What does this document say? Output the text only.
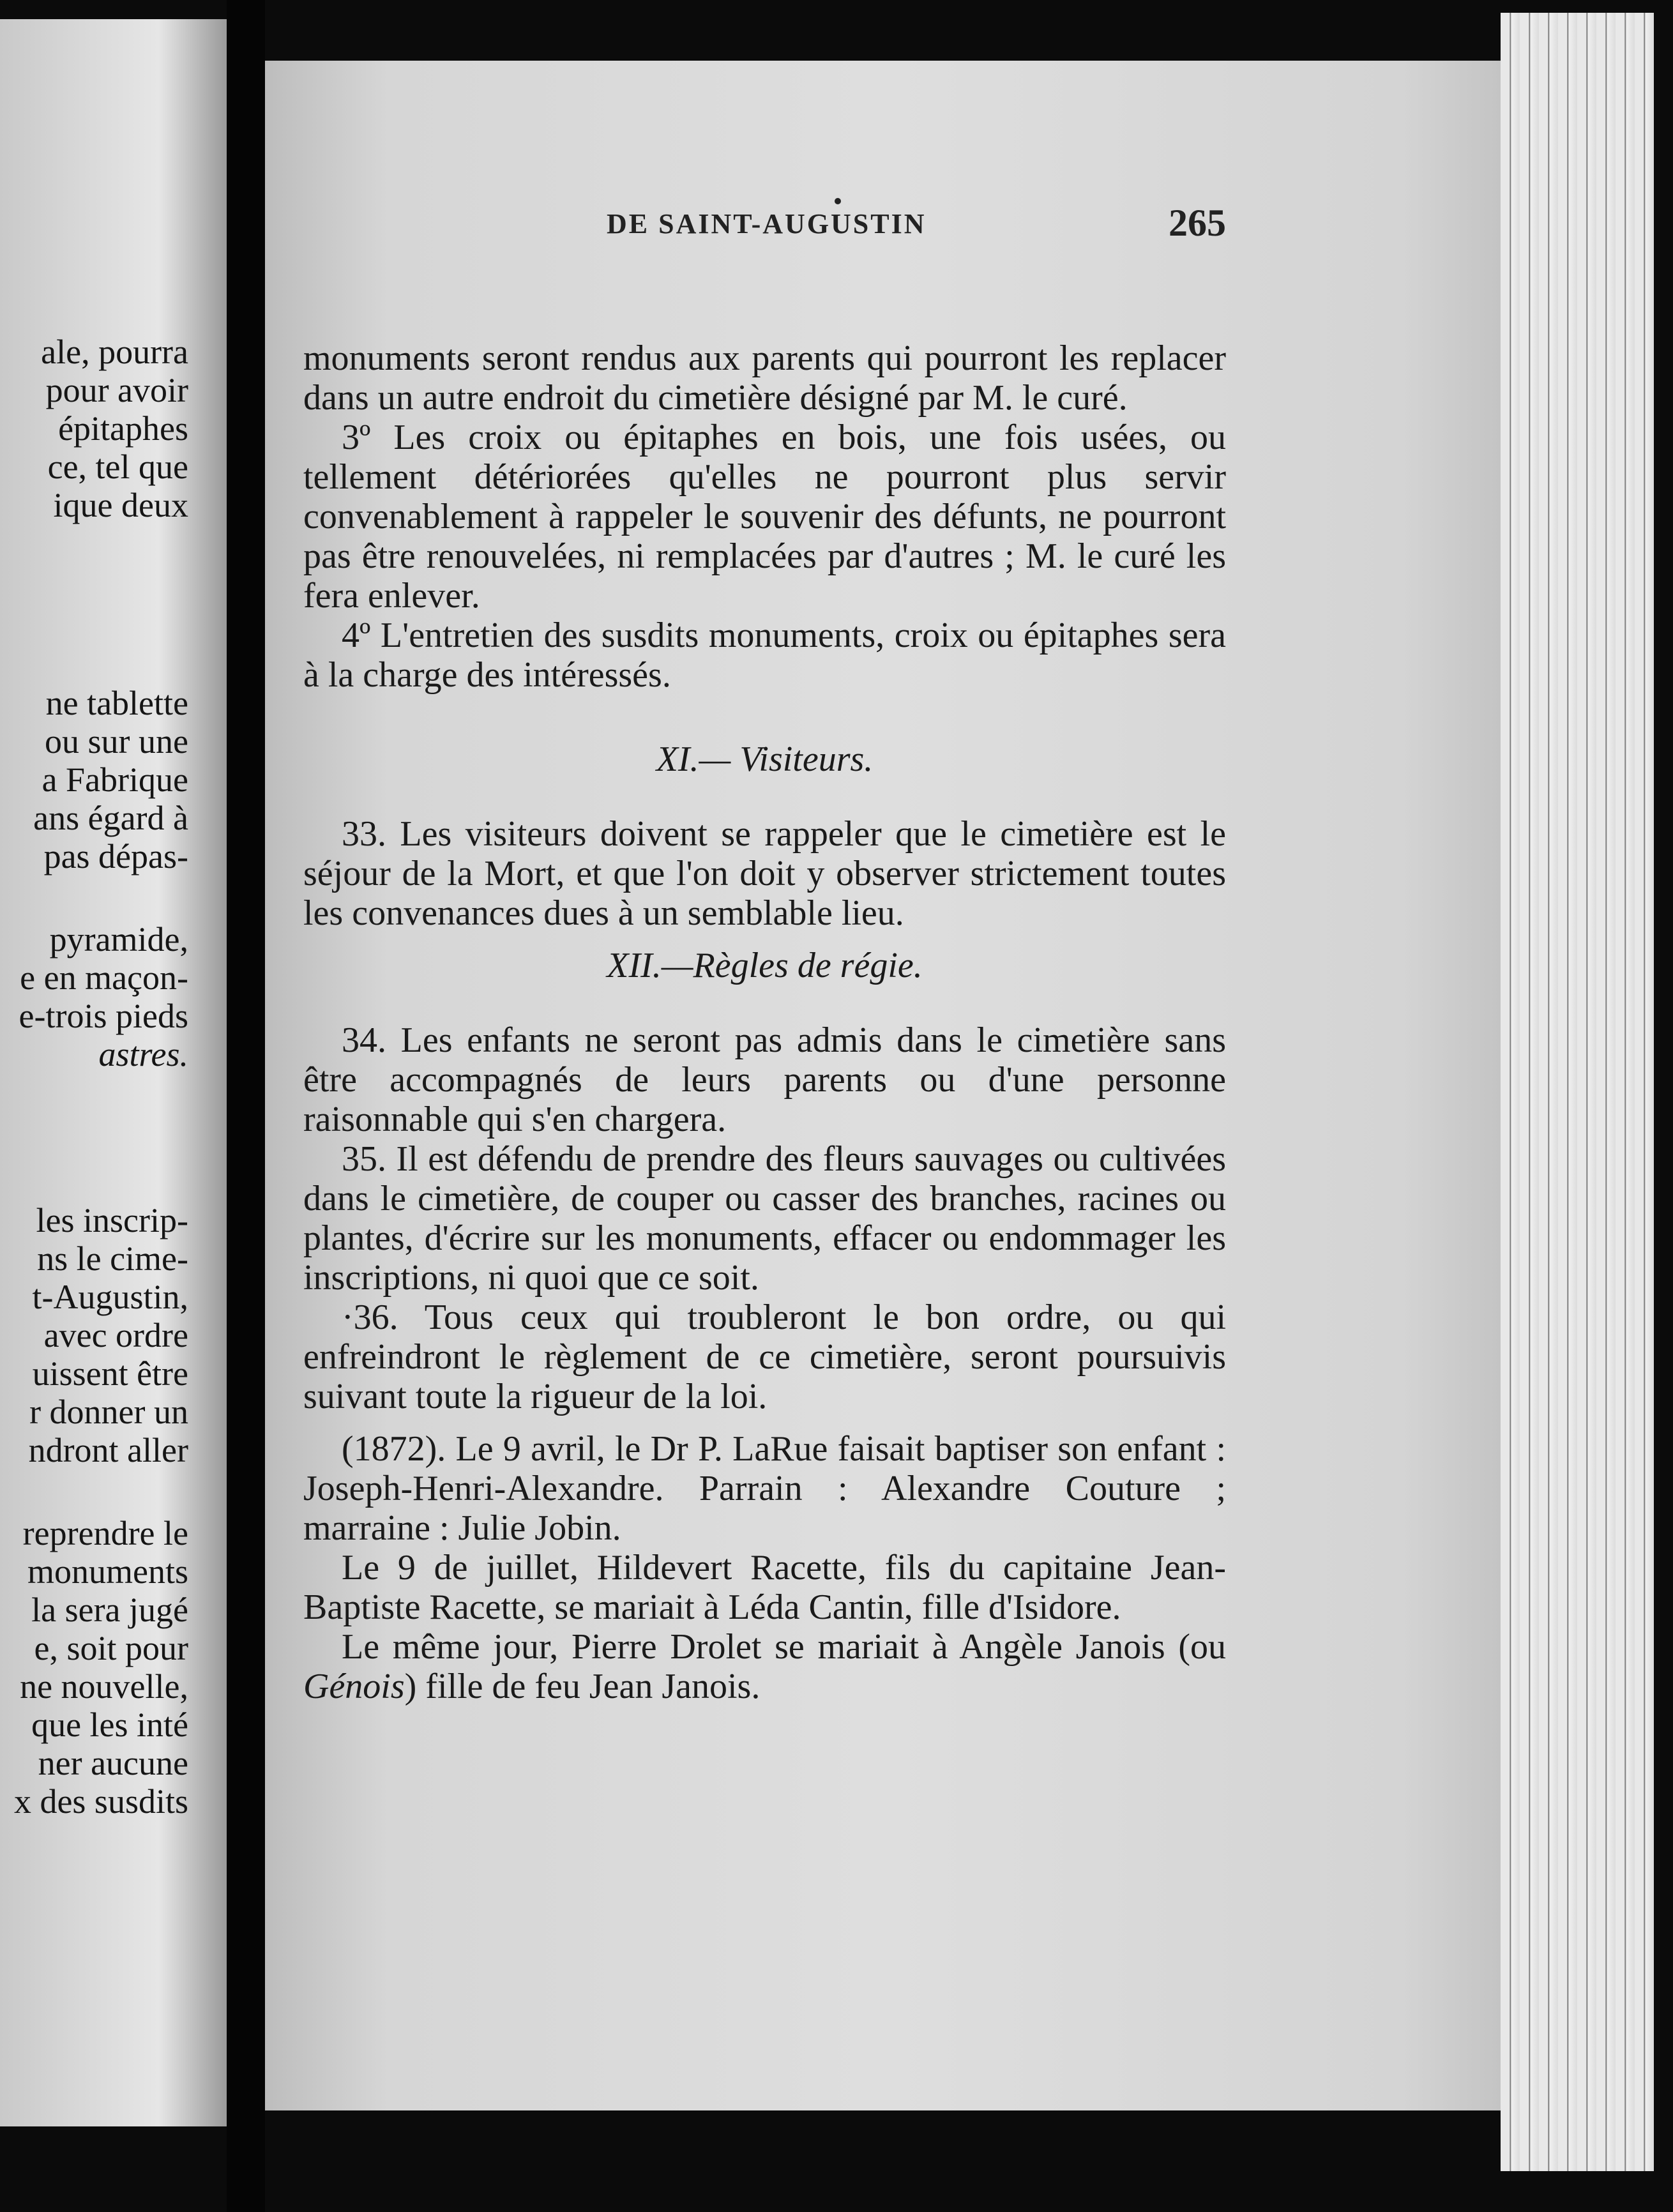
ale, pourra
pour avoir
épitaphes
ce, tel que
ique deux
ne tablette
ou sur une
a Fabrique
ans égard à
pas dépas-
pyramide,
e en maçon-
e-trois pieds
astres.
les inscrip-
ns le cime-
t-Augustin,
avec ordre
uissent être
r donner un
ndront aller
reprendre le
monuments
la sera jugé
e, soit pour
ne nouvelle,
que les inté
ner aucune
x des susdits
DE SAINT-AUGUSTIN	265

monuments seront rendus aux parents qui pourront les replacer dans un autre endroit du cimetière désigné par M. le curé.

3º Les croix ou épitaphes en bois, une fois usées, ou tellement détériorées qu'elles ne pourront plus servir convenablement à rappeler le souvenir des défunts, ne pourront pas être renouvelées, ni remplacées par d'autres ; M. le curé les fera enlever.

4º L'entretien des susdits monuments, croix ou épitaphes sera à la charge des intéressés.

XI.— Visiteurs.

33. Les visiteurs doivent se rappeler que le cimetière est le séjour de la Mort, et que l'on doit y observer strictement toutes les convenances dues à un semblable lieu.

XII.—Règles de régie.

34. Les enfants ne seront pas admis dans le cimetière sans être accompagnés de leurs parents ou d'une personne raisonnable qui s'en chargera.

35. Il est défendu de prendre des fleurs sauvages ou cultivées dans le cimetière, de couper ou casser des branches, racines ou plantes, d'écrire sur les monuments, effacer ou endommager les inscriptions, ni quoi que ce soit.

·36. Tous ceux qui troubleront le bon ordre, ou qui enfreindront le règlement de ce cimetière, seront poursuivis suivant toute la rigueur de la loi.

(1872). Le 9 avril, le Dr P. LaRue faisait baptiser son enfant : Joseph-Henri-Alexandre. Parrain : Alexandre Couture ; marraine : Julie Jobin.

Le 9 de juillet, Hildevert Racette, fils du capitaine Jean-Baptiste Racette, se mariait à Léda Cantin, fille d'Isidore.

Le même jour, Pierre Drolet se mariait à Angèle Janois (ou Génois) fille de feu Jean Janois.
